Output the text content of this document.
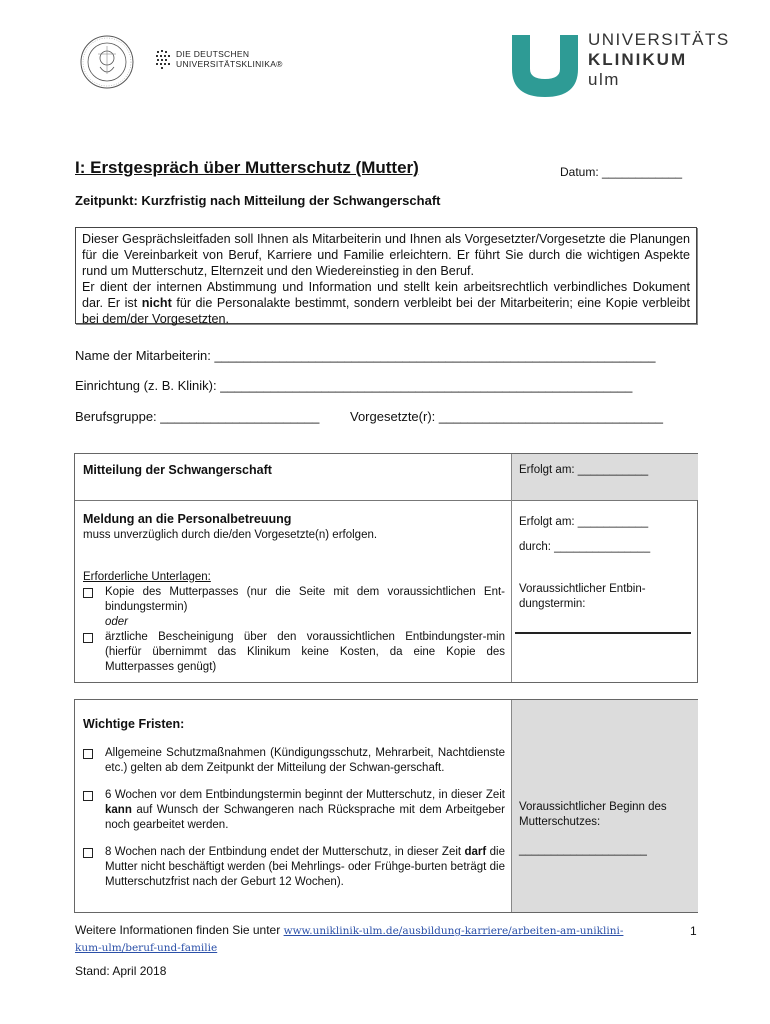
DIE DEUTSCHEN
UNIVERSITÄTSKLINIKA®
UNIVERSITÄTS
KLINIKUM
ulm
I: Erstgespräch über Mutterschutz (Mutter)	Datum: ____________
Zeitpunkt: Kurzfristig nach Mitteilung der Schwangerschaft

Dieser Gesprächsleitfaden soll Ihnen als Mitarbeiterin und Ihnen als Vorgesetzter/Vorgesetzte die Planungen für die Vereinbarkeit von Beruf, Karriere und Familie erleichtern. Er führt Sie durch die wichtigen Aspekte rund um Mutterschutz, Elternzeit und den Wiedereinstieg in den Beruf.

Er dient der internen Abstimmung und Information und stellt kein arbeitsrechtlich verbindliches Dokument dar. Er ist nicht für die Personalakte bestimmt, sondern verbleibt bei der Mitarbeiterin; eine Kopie verbleibt bei dem/der Vorgesetzten.

Name der Mitarbeiterin: _____________________________________________________________
Einrichtung (z. B. Klinik): _________________________________________________________
Berufsgruppe: ______________________ Vorgesetzte(r): _______________________________
Mitteilung der Schwangerschaft	Erfolgt am: ___________
Meldung an die Personalbetreuung
muss unverzüglich durch die/den Vorgesetzte(n) erfolgen.
Erfolgt am: ___________
durch: _______________
Erforderliche Unterlagen:
Kopie des Mutterpasses (nur die Seite mit dem voraussichtlichen Ent-bindungstermin)
oder
ärztliche Bescheinigung über den voraussichtlichen Entbindungster-min (hierfür übernimmt das Klinikum keine Kosten, da eine Kopie des Mutterpasses genügt)
Voraussichtlicher Entbin-dungstermin:
Wichtige Fristen:
Allgemeine Schutzmaßnahmen (Kündigungsschutz, Mehrarbeit, Nachtdienste etc.) gelten ab dem Zeitpunkt der Mitteilung der Schwan-gerschaft.
6 Wochen vor dem Entbindungstermin beginnt der Mutterschutz, in dieser Zeit kann auf Wunsch der Schwangeren nach Rücksprache mit dem Arbeitgeber noch gearbeitet werden.
8 Wochen nach der Entbindung endet der Mutterschutz, in dieser Zeit darf die Mutter nicht beschäftigt werden (bei Mehrlings- oder Frühge-burten beträgt die Mutterschutzfrist nach der Geburt 12 Wochen).
Voraussichtlicher Beginn des Mutterschutzes:
____________________
Weitere Informationen finden Sie unter www.uniklinik-ulm.de/ausbildung-karriere/arbeiten-am-uniklini-
kum-ulm/beruf-und-familie
1
Stand: April 2018
